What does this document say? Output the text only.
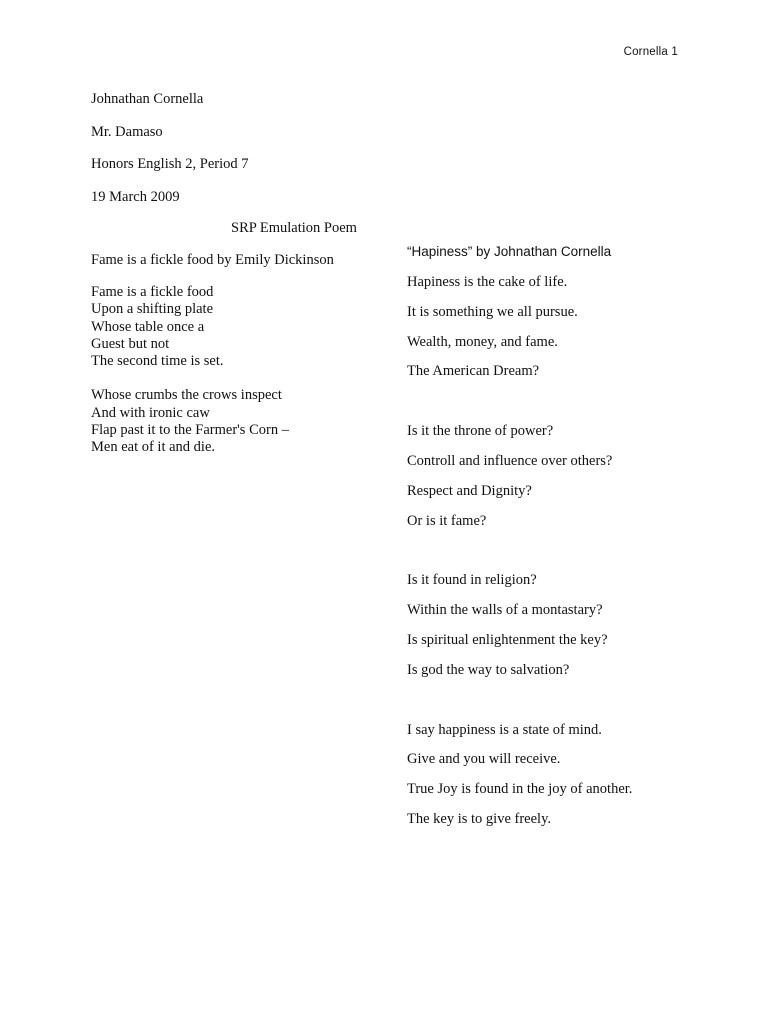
Cornella 1
Johnathan Cornella
Mr. Damaso
Honors English 2, Period 7
19 March 2009
SRP Emulation Poem
Fame is a fickle food by Emily Dickinson
Fame is a fickle food
Upon a shifting plate
Whose table once a
Guest but not
The second time is set.
Whose crumbs the crows inspect
And with ironic caw
Flap past it to the Farmer's Corn –
Men eat of it and die.
“Hapiness” by Johnathan Cornella
Hapiness is the cake of life.
It is something we all pursue.
Wealth, money, and fame.
The American Dream?
Is it the throne of power?
Controll and influence over others?
Respect and Dignity?
Or is it fame?
Is it found in religion?
Within the walls of a montastary?
Is spiritual enlightenment the key?
Is god the way to salvation?
I say happiness is a state of mind.
Give and you will receive.
True Joy is found in the joy of another.
The key is to give freely.
